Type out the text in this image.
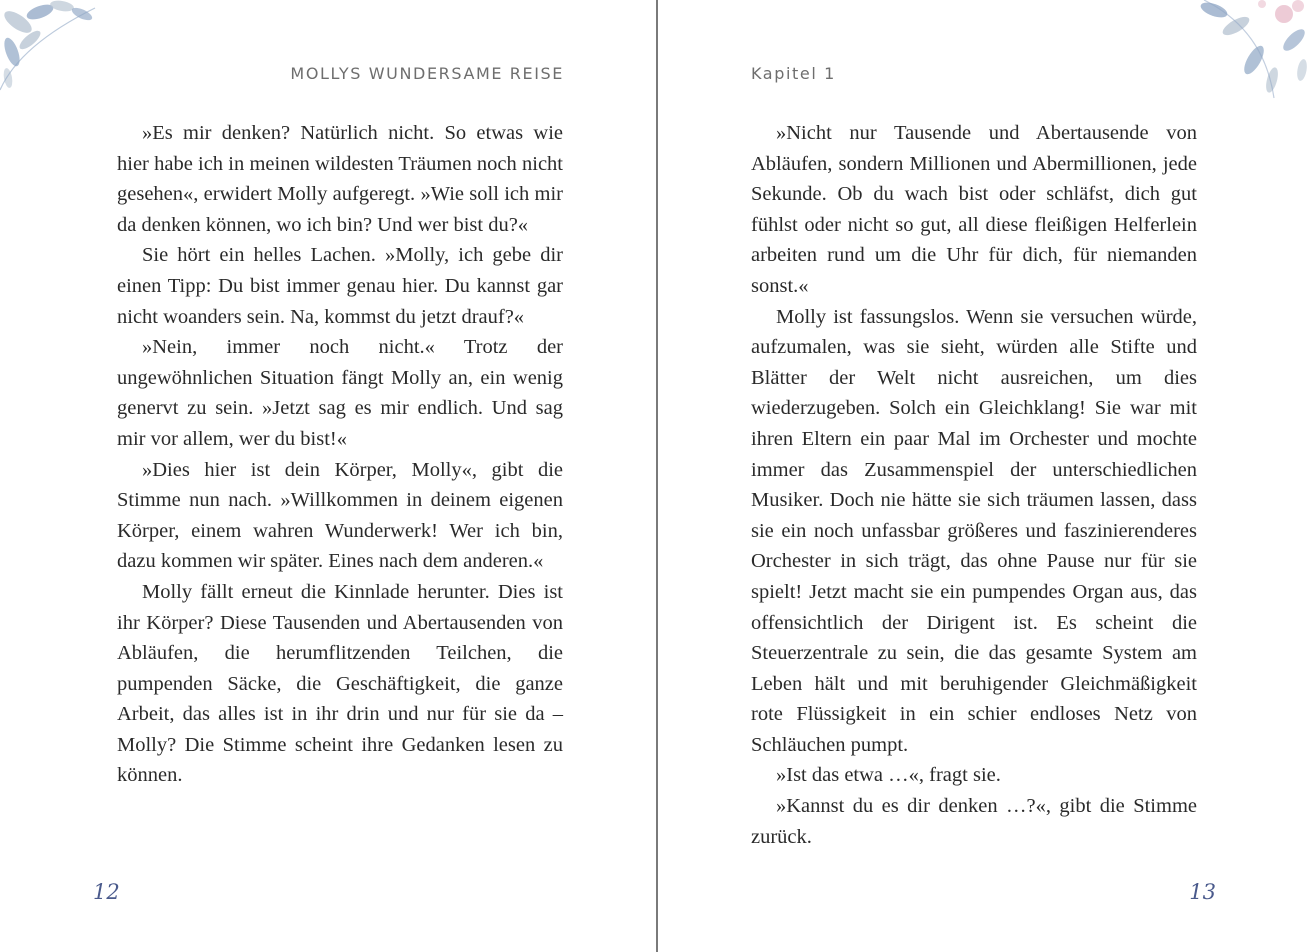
MOLLYS WUNDERSAME REISE

»Es mir denken? Natürlich nicht. So etwas wie hier habe ich in meinen wildesten Träumen noch nicht gesehen«, erwidert Molly aufgeregt. »Wie soll ich mir da denken können, wo ich bin? Und wer bist du?«

Sie hört ein helles Lachen. »Molly, ich gebe dir einen Tipp: Du bist immer genau hier. Du kannst gar nicht woanders sein. Na, kommst du jetzt drauf?«

»Nein, immer noch nicht.« Trotz der ungewöhnlichen Situation fängt Molly an, ein wenig genervt zu sein. »Jetzt sag es mir endlich. Und sag mir vor allem, wer du bist!«

»Dies hier ist dein Körper, Molly«, gibt die Stimme nun nach. »Willkommen in deinem eigenen Körper, einem wahren Wunderwerk! Wer ich bin, dazu kommen wir später. Eines nach dem anderen.«

Molly fällt erneut die Kinnlade herunter. Dies ist ihr Körper? Diese Tausenden und Abertausenden von Abläufen, die herumflitzenden Teilchen, die pumpenden Säcke, die Geschäftigkeit, die ganze Arbeit, das alles ist in ihr drin und nur für sie da – Molly? Die Stimme scheint ihre Gedanken lesen zu können.

12
Kapitel 1

»Nicht nur Tausende und Abertausende von Abläufen, sondern Millionen und Abermillionen, jede Sekunde. Ob du wach bist oder schläfst, dich gut fühlst oder nicht so gut, all diese fleißigen Helferlein arbeiten rund um die Uhr für dich, für niemanden sonst.«

Molly ist fassungslos. Wenn sie versuchen würde, aufzumalen, was sie sieht, würden alle Stifte und Blätter der Welt nicht ausreichen, um dies wiederzugeben. Solch ein Gleichklang! Sie war mit ihren Eltern ein paar Mal im Orchester und mochte immer das Zusammenspiel der unterschiedlichen Musiker. Doch nie hätte sie sich träumen lassen, dass sie ein noch unfassbar größeres und faszinierenderes Orchester in sich trägt, das ohne Pause nur für sie spielt! Jetzt macht sie ein pumpendes Organ aus, das offensichtlich der Dirigent ist. Es scheint die Steuerzentrale zu sein, die das gesamte System am Leben hält und mit beruhigender Gleichmäßigkeit rote Flüssigkeit in ein schier endloses Netz von Schläuchen pumpt.

»Ist das etwa …«, fragt sie.

»Kannst du es dir denken …?«, gibt die Stimme zurück.

13
